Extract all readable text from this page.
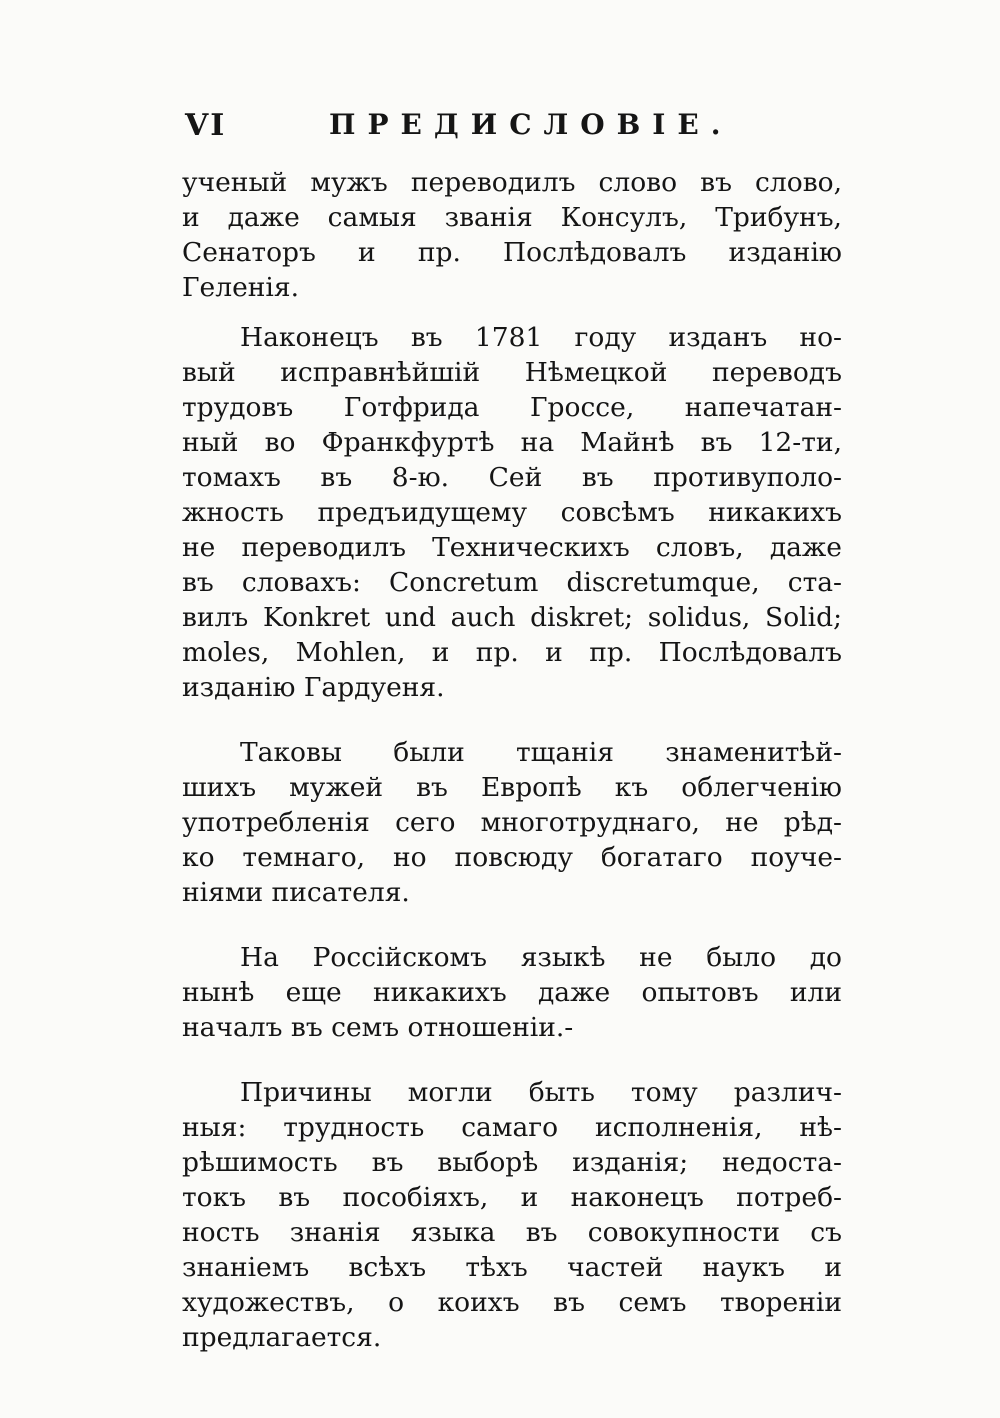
VI	ПРЕДИСЛОВІЕ.
ученый мужъ переводилъ слово въ слово,
и даже самыя званія Консулъ, Трибунъ,
Сенаторъ и пр. Послѣдовалъ изданію
Геленія.
Наконецъ въ 1781 году изданъ но-
вый исправнѣйшій Нѣмецкой переводъ
трудовъ Готфрида Гроссе, напечатан-
ный во Франкфуртѣ на Майнѣ въ 12-ти,
томахъ въ 8-ю. Сей въ противуполо-
жность предъидущему совсѣмъ никакихъ
не переводилъ Техническихъ словъ, даже
въ словахъ: Concretum discretumque, ста-
вилъ Konkret und auch diskret; solidus, Solid;
moles, Mohlen, и пр. и пр. Послѣдовалъ
изданію Гардуеня.
Таковы были тщанія знаменитѣй-
шихъ мужей въ Европѣ къ облегченію
употребленія сего многотруднаго, не рѣд-
ко темнаго, но повсюду богатаго поуче-
ніями писателя.
На Россійскомъ языкѣ не было до
нынѣ еще никакихъ даже опытовъ или
началъ въ семъ отношеніи.-
Причины могли быть тому различ-
ныя: трудность самаго исполненія, нѣ-
рѣшимость въ выборѣ изданія; недоста-
токъ въ пособіяхъ, и наконецъ потреб-
ность знанія языка въ совокупности съ
знаніемъ всѣхъ тѣхъ частей наукъ и
художествъ, о коихъ въ семъ твореніи
предлагается.
